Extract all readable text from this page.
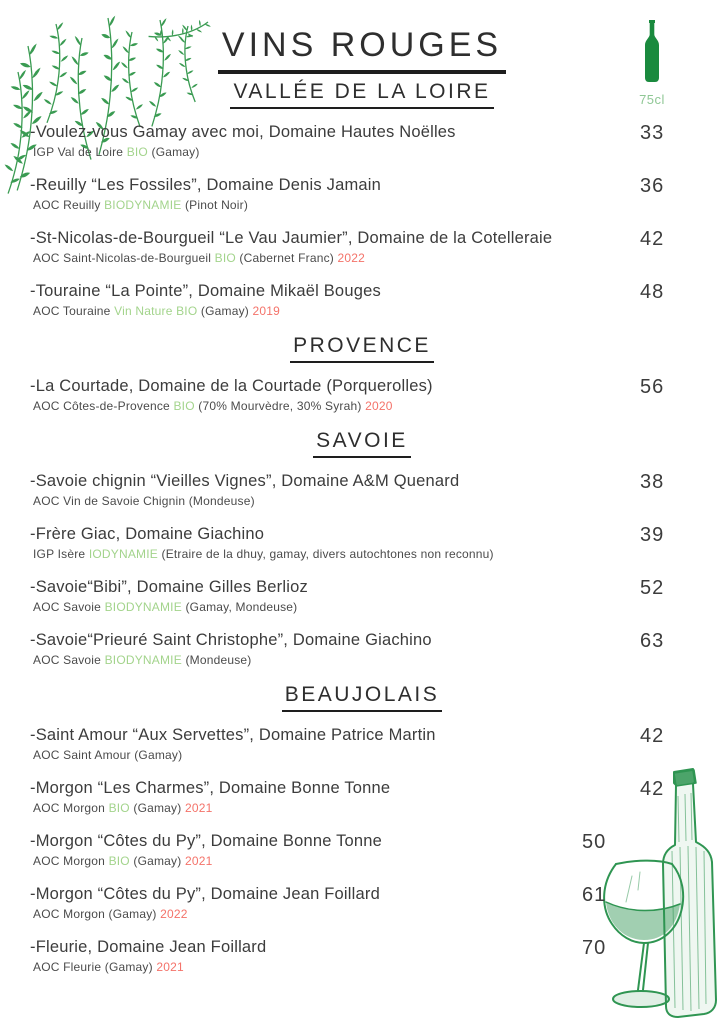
75cl
VINS ROUGES
VALLÉE DE LA LOIRE
-Voulez-vous Gamay avec moi, Domaine Hautes Noëlles
IGP Val de Loire BIO (Gamay)
33
-Reuilly “Les Fossiles”, Domaine Denis Jamain
AOC Reuilly BIODYNAMIE (Pinot Noir)
36
-St-Nicolas-de-Bourgueil “Le Vau Jaumier”, Domaine de la Cotelleraie
AOC Saint-Nicolas-de-Bourgueil BIO (Cabernet Franc) 2022
42
-Touraine “La Pointe”, Domaine Mikaël Bouges
AOC Touraine Vin Nature BIO (Gamay) 2019
48
PROVENCE
-La Courtade, Domaine de la Courtade (Porquerolles)
AOC Côtes-de-Provence BIO (70% Mourvèdre, 30% Syrah) 2020
56
SAVOIE
-Savoie chignin “Vieilles Vignes”, Domaine A&M Quenard
AOC Vin de Savoie Chignin (Mondeuse)
38
-Frère Giac, Domaine Giachino
IGP Isère IODYNAMIE (Etraire de la dhuy, gamay, divers autochtones non reconnu)
39
-Savoie“Bibi”, Domaine Gilles Berlioz
AOC Savoie BIODYNAMIE (Gamay, Mondeuse)
52
-Savoie“Prieuré Saint Christophe”, Domaine Giachino
AOC Savoie BIODYNAMIE (Mondeuse)
63
BEAUJOLAIS
-Saint Amour “Aux Servettes”, Domaine Patrice Martin
AOC Saint Amour (Gamay)
42
-Morgon “Les Charmes”, Domaine Bonne Tonne
AOC Morgon BIO (Gamay) 2021
42
-Morgon “Côtes du Py”, Domaine Bonne Tonne
AOC Morgon BIO (Gamay) 2021
50
-Morgon “Côtes du Py”, Domaine Jean Foillard
AOC Morgon (Gamay) 2022
61
-Fleurie, Domaine Jean Foillard
AOC Fleurie (Gamay) 2021
70
